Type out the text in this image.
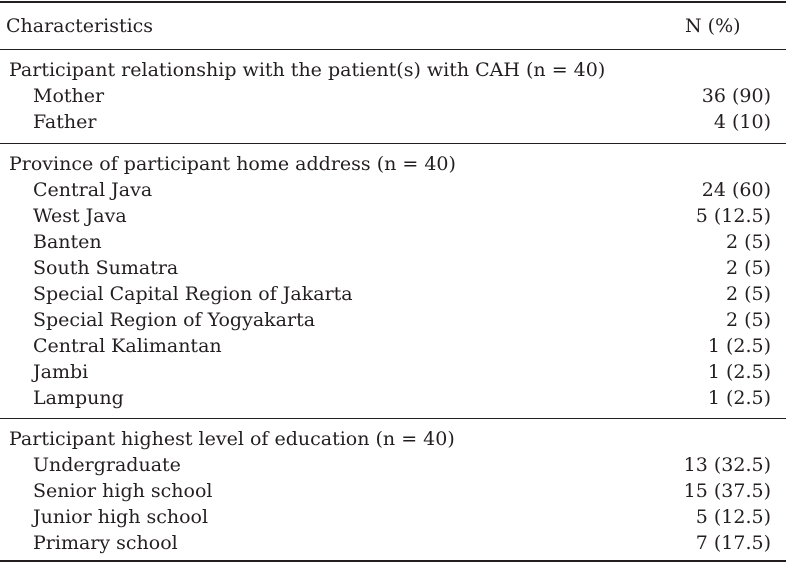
Characteristics	N (%)
Participant relationship with the patient(s) with CAH (n = 40)
Mother	36 (90)
Father	4 (10)
Province of participant home address (n = 40)
Central Java	24 (60)
West Java	5 (12.5)
Banten	2 (5)
South Sumatra	2 (5)
Special Capital Region of Jakarta	2 (5)
Special Region of Yogyakarta	2 (5)
Central Kalimantan	1 (2.5)
Jambi	1 (2.5)
Lampung	1 (2.5)
Participant highest level of education (n = 40)
Undergraduate	13 (32.5)
Senior high school	15 (37.5)
Junior high school	5 (12.5)
Primary school	7 (17.5)
